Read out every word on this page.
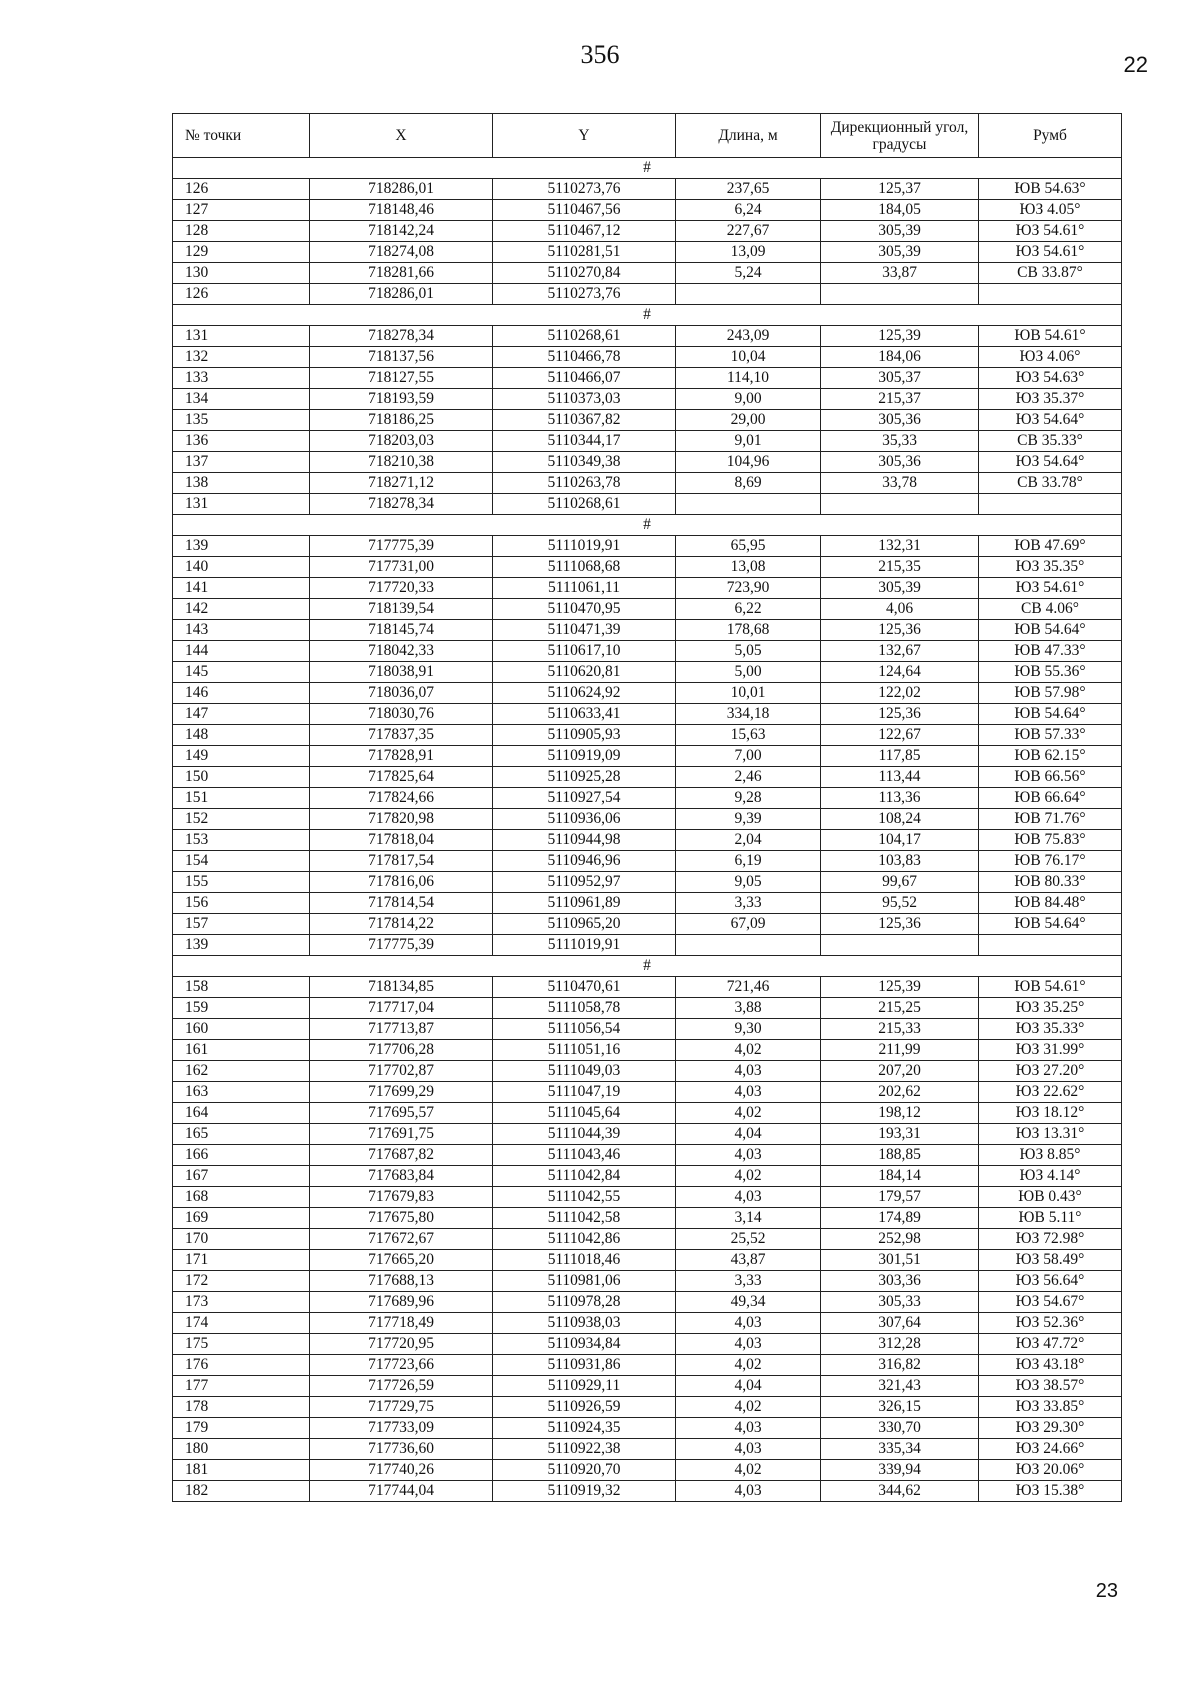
356	22
№ точки	X	Y	Длина, м	Дирекционный угол, градусы	Румб
#					
126	718286,01	5110273,76	237,65	125,37	ЮВ 54.63°
127	718148,46	5110467,56	6,24	184,05	ЮЗ 4.05°
128	718142,24	5110467,12	227,67	305,39	ЮЗ 54.61°
129	718274,08	5110281,51	13,09	305,39	ЮЗ 54.61°
130	718281,66	5110270,84	5,24	33,87	СВ 33.87°
126	718286,01	5110273,76			
#					
131	718278,34	5110268,61	243,09	125,39	ЮВ 54.61°
132	718137,56	5110466,78	10,04	184,06	ЮЗ 4.06°
133	718127,55	5110466,07	114,10	305,37	ЮЗ 54.63°
134	718193,59	5110373,03	9,00	215,37	ЮЗ 35.37°
135	718186,25	5110367,82	29,00	305,36	ЮЗ 54.64°
136	718203,03	5110344,17	9,01	35,33	СВ 35.33°
137	718210,38	5110349,38	104,96	305,36	ЮЗ 54.64°
138	718271,12	5110263,78	8,69	33,78	СВ 33.78°
131	718278,34	5110268,61			
#					
139	717775,39	5111019,91	65,95	132,31	ЮВ 47.69°
140	717731,00	5111068,68	13,08	215,35	ЮЗ 35.35°
141	717720,33	5111061,11	723,90	305,39	ЮЗ 54.61°
142	718139,54	5110470,95	6,22	4,06	СВ 4.06°
143	718145,74	5110471,39	178,68	125,36	ЮВ 54.64°
144	718042,33	5110617,10	5,05	132,67	ЮВ 47.33°
145	718038,91	5110620,81	5,00	124,64	ЮВ 55.36°
146	718036,07	5110624,92	10,01	122,02	ЮВ 57.98°
147	718030,76	5110633,41	334,18	125,36	ЮВ 54.64°
148	717837,35	5110905,93	15,63	122,67	ЮВ 57.33°
149	717828,91	5110919,09	7,00	117,85	ЮВ 62.15°
150	717825,64	5110925,28	2,46	113,44	ЮВ 66.56°
151	717824,66	5110927,54	9,28	113,36	ЮВ 66.64°
152	717820,98	5110936,06	9,39	108,24	ЮВ 71.76°
153	717818,04	5110944,98	2,04	104,17	ЮВ 75.83°
154	717817,54	5110946,96	6,19	103,83	ЮВ 76.17°
155	717816,06	5110952,97	9,05	99,67	ЮВ 80.33°
156	717814,54	5110961,89	3,33	95,52	ЮВ 84.48°
157	717814,22	5110965,20	67,09	125,36	ЮВ 54.64°
139	717775,39	5111019,91			
#					
158	718134,85	5110470,61	721,46	125,39	ЮВ 54.61°
159	717717,04	5111058,78	3,88	215,25	ЮЗ 35.25°
160	717713,87	5111056,54	9,30	215,33	ЮЗ 35.33°
161	717706,28	5111051,16	4,02	211,99	ЮЗ 31.99°
162	717702,87	5111049,03	4,03	207,20	ЮЗ 27.20°
163	717699,29	5111047,19	4,03	202,62	ЮЗ 22.62°
164	717695,57	5111045,64	4,02	198,12	ЮЗ 18.12°
165	717691,75	5111044,39	4,04	193,31	ЮЗ 13.31°
166	717687,82	5111043,46	4,03	188,85	ЮЗ 8.85°
167	717683,84	5111042,84	4,02	184,14	ЮЗ 4.14°
168	717679,83	5111042,55	4,03	179,57	ЮВ 0.43°
169	717675,80	5111042,58	3,14	174,89	ЮВ 5.11°
170	717672,67	5111042,86	25,52	252,98	ЮЗ 72.98°
171	717665,20	5111018,46	43,87	301,51	ЮЗ 58.49°
172	717688,13	5110981,06	3,33	303,36	ЮЗ 56.64°
173	717689,96	5110978,28	49,34	305,33	ЮЗ 54.67°
174	717718,49	5110938,03	4,03	307,64	ЮЗ 52.36°
175	717720,95	5110934,84	4,03	312,28	ЮЗ 47.72°
176	717723,66	5110931,86	4,02	316,82	ЮЗ 43.18°
177	717726,59	5110929,11	4,04	321,43	ЮЗ 38.57°
178	717729,75	5110926,59	4,02	326,15	ЮЗ 33.85°
179	717733,09	5110924,35	4,03	330,70	ЮЗ 29.30°
180	717736,60	5110922,38	4,03	335,34	ЮЗ 24.66°
181	717740,26	5110920,70	4,02	339,94	ЮЗ 20.06°
182	717744,04	5110919,32	4,03	344,62	ЮЗ 15.38°
23
